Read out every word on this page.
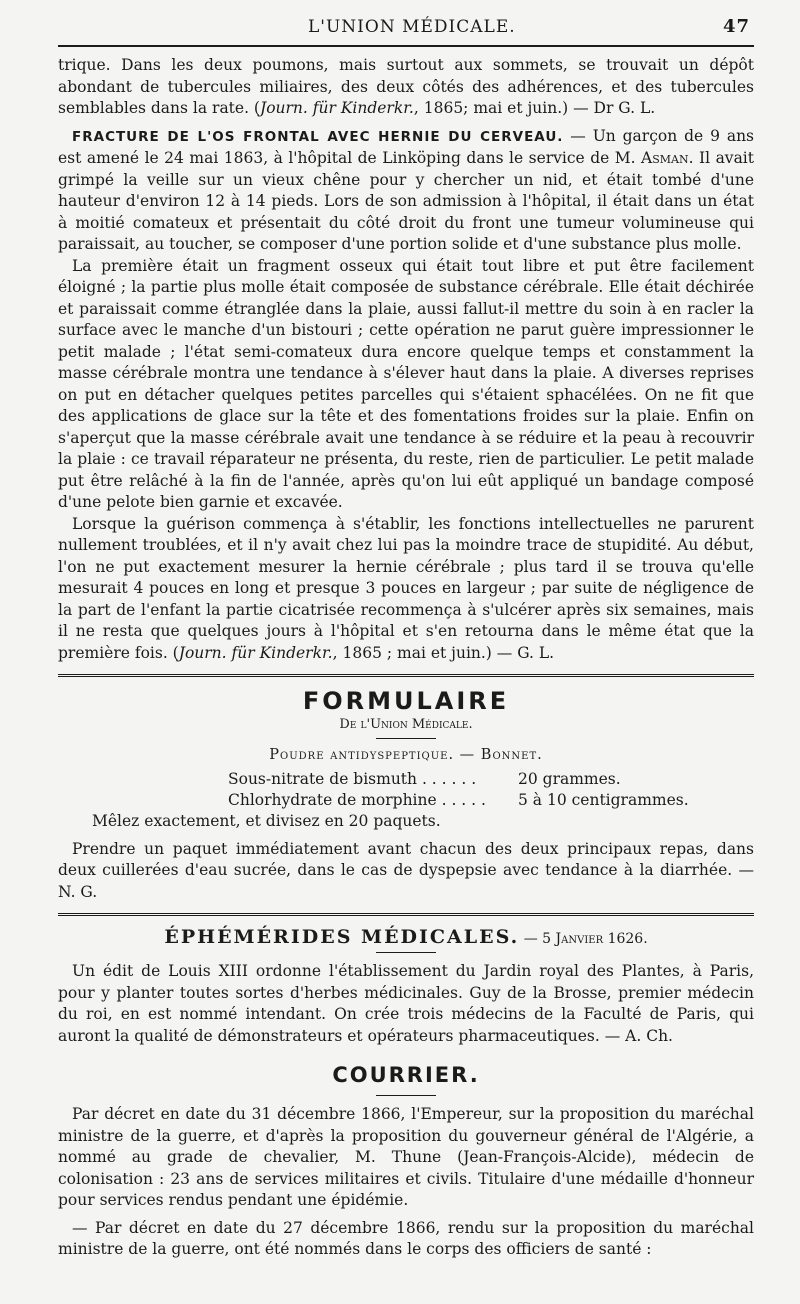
L'UNION MÉDICALE.	47

trique. Dans les deux poumons, mais surtout aux sommets, se trouvait un dépôt abondant de tubercules miliaires, des deux côtés des adhérences, et des tubercules semblables dans la rate. (Journ. für Kinderkr., 1865; mai et juin.) — Dr G. L.

FRACTURE DE L'OS FRONTAL AVEC HERNIE DU CERVEAU. — Un garçon de 9 ans est amené le 24 mai 1863, à l'hôpital de Linköping dans le service de M. Asman. Il avait grimpé la veille sur un vieux chêne pour y chercher un nid, et était tombé d'une hauteur d'environ 12 à 14 pieds. Lors de son admission à l'hôpital, il était dans un état à moitié comateux et présentait du côté droit du front une tumeur volumineuse qui paraissait, au toucher, se composer d'une portion solide et d'une substance plus molle.

La première était un fragment osseux qui était tout libre et put être facilement éloigné ; la partie plus molle était composée de substance cérébrale. Elle était déchirée et paraissait comme étranglée dans la plaie, aussi fallut-il mettre du soin à en racler la surface avec le manche d'un bistouri ; cette opération ne parut guère impressionner le petit malade ; l'état semi-comateux dura encore quelque temps et constamment la masse cérébrale montra une tendance à s'élever haut dans la plaie. A diverses reprises on put en détacher quelques petites parcelles qui s'étaient sphacélées. On ne fit que des applications de glace sur la tête et des fomentations froides sur la plaie. Enfin on s'aperçut que la masse cérébrale avait une tendance à se réduire et la peau à recouvrir la plaie : ce travail réparateur ne présenta, du reste, rien de particulier. Le petit malade put être relâché à la fin de l'année, après qu'on lui eût appliqué un bandage composé d'une pelote bien garnie et excavée.

Lorsque la guérison commença à s'établir, les fonctions intellectuelles ne parurent nullement troublées, et il n'y avait chez lui pas la moindre trace de stupidité. Au début, l'on ne put exactement mesurer la hernie cérébrale ; plus tard il se trouva qu'elle mesurait 4 pouces en long et presque 3 pouces en largeur ; par suite de négligence de la part de l'enfant la partie cicatrisée recommença à s'ulcérer après six semaines, mais il ne resta que quelques jours à l'hôpital et s'en retourna dans le même état que la première fois. (Journ. für Kinderkr., 1865 ; mai et juin.) — G. L.

FORMULAIRE
De l'Union Médicale.
Poudre antidyspeptique. — Bonnet.
Sous-nitrate de bismuth . . . . . .	20 grammes.
Chlorhydrate de morphine . . . . .	5 à 10 centigrammes.

Mêlez exactement, et divisez en 20 paquets.

Prendre un paquet immédiatement avant chacun des deux principaux repas, dans deux cuillerées d'eau sucrée, dans le cas de dyspepsie avec tendance à la diarrhée. — N. G.

ÉPHÉMÉRIDES MÉDICALES. — 5 Janvier 1626.

Un édit de Louis XIII ordonne l'établissement du Jardin royal des Plantes, à Paris, pour y planter toutes sortes d'herbes médicinales. Guy de la Brosse, premier médecin du roi, en est nommé intendant. On crée trois médecins de la Faculté de Paris, qui auront la qualité de démonstrateurs et opérateurs pharmaceutiques. — A. Ch.

COURRIER.

Par décret en date du 31 décembre 1866, l'Empereur, sur la proposition du maréchal ministre de la guerre, et d'après la proposition du gouverneur général de l'Algérie, a nommé au grade de chevalier, M. Thune (Jean-François-Alcide), médecin de colonisation : 23 ans de services militaires et civils. Titulaire d'une médaille d'honneur pour services rendus pendant une épidémie.

— Par décret en date du 27 décembre 1866, rendu sur la proposition du maréchal ministre de la guerre, ont été nommés dans le corps des officiers de santé :
